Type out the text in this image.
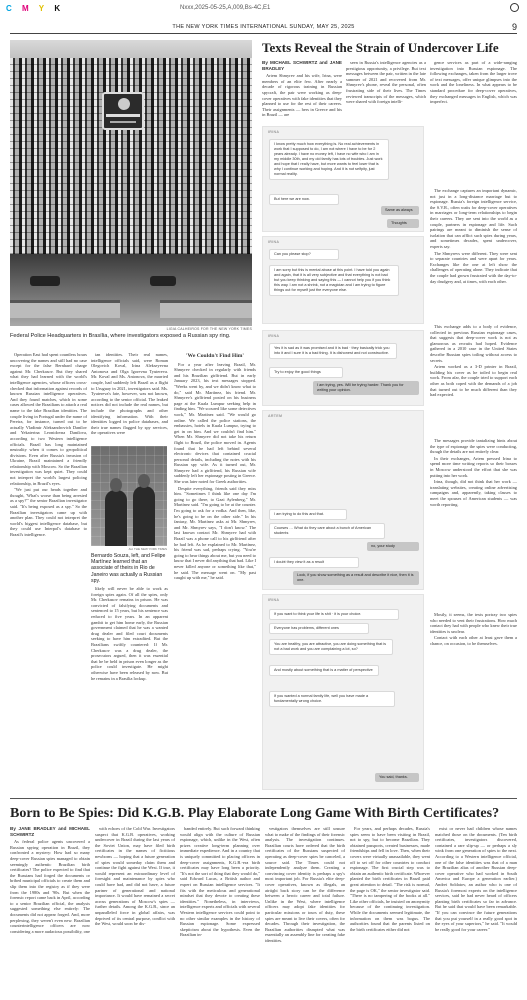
C M Y K	Nxxx,2025-05-25,A,009,Bs-4C,E1
THE NEW YORK TIMES INTERNATIONAL SUNDAY, MAY 25, 2025	9
LIGIA CALHEIROS FOR THE NEW YORK TIMES
Federal Police Headquarters in Brasília, where investigators exposed a Russian spy ring.
Texts Reveal the Strain of Undercover Life
By MICHAEL SCHWIRTZ and JANE BRADLEY

Artem Shmyrev and his wife, Irina, were members of an elite few. After nearly a decade of rigorous training in Russian spycraft, the pair were working as deep-cover operatives with fake identities that they planned to use for the rest of their careers. Their assignments — hers in Greece and his in Brazil — are

seen in Russia's intelligence agencies as a prestigious opportunity, a privilege. But text messages between the pair, written in the late summer of 2021 and recovered from Mr. Shmyrev's phone, reveal the personal, often frustrating side of their lives. The Times reviewed transcripts of the messages, which were shared with foreign intelli-

gence services as part of a wide-ranging investigation into Russian espionage. The following exchanges, taken from the larger trove of text messages, offer unique glimpses into the work and the loneliness. In what appears to be standard procedure for deep-cover operatives, they exchanged messages in English, which was imperfect.

IRINA
I know pretty much how everything is. No real achievements in work that I supposed to do, I am not where I have to be for 2 years already. I have no money left, I have no wife who I am in my middle 30th, and my old family has lots of troubles. Just work and hope that I really have, but more wants to feel loser that is why I continue working and hoping. And it is not selfpity, just normal reality.
But here we are now.
Same as always
Thoughts
IRINA
Can you please stop?
I am sorry but this is mental abuse at this point. I have told you again and again, that it is all very subjective and that everything is not bad but you keep thinking and saying this — I cannot help you if you think this way. I am not a shrink, not a magician and I am trying to figure things out for myself just the everyone else.

The exchange captures an important dynamic, not just in a long-distance marriage but to espionage. Russia's foreign intelligence service, the S.V.R., often waits for deep-cover operatives in marriages or long-term relationships to begin their careers. They are sent into the world as a couple, partners in espionage and life. Such pairings are meant to diminish the sense of isolation that can afflict such spies during years, and sometimes decades, spent undercover, experts say.

The Shmyrevs were different. They were sent to separate countries and were apart for years. Exchanges like the one at left show the challenges of operating alone. They indicate that the couple had grown frustrated with the day-to-day drudgery and, at times, with each other.

IRINA
Yes it is sad as it was promised and it is bad · they basically trick you into it and I sure it is a bad thing. It is dishonest and not constructive.
Try to enjoy the good things
I am trying, yes. Will be trying harder. Thank you for writing your opinion.

This exchange adds to a body of evidence, collected in previous Russian espionage cases, that suggests that deep-cover work is not as glamorous as recruits had hoped. Evidence gathered in a 2010 case in the United States describe Russian spies toiling without access to secrets.

Artem worked as a 3-D printer in Brazil, building his cover as he toiled to begin real work. From afar, the couple tried to support each other as both coped with the demands of a job that turned out to be much different than they had expected.

ARTEM
I am trying to do this and that.
Courses … What do they care about a bunch of American students
no, your study
I doubt they view it as a result
Look, if you show something as a result and describe it nice, then it is one.

The messages provide tantalizing hints about the type of espionage the spies were conducting, though the details are not entirely clear.

In their exchanges, Artem pressed Irina to spend more time writing reports so their bosses in Moscow understood the effort that she was putting into her work.

Irina, though, did not think that her work — translating websites, creating online advertising campaigns and, apparently, taking classes to meet the spouses of American students — was worth reporting.

IRINA
If you want to think your life is shit · it is your choice.
Everyone has problems, different ones
You are healthy, you are attractive, you are doing something that is not a bad work and you are complaining a lot, so?
And mostly about something that is a matter of perspective
If you wanted a normal family life, well you have made a fundamentally wrong choice.
You said, thanks.

Mostly, it seems, the texts portray two spies who needed to vent their frustrations. How much contact they had with people who knew their true identities is unclear.

Contact with each other at least gave them a chance, on occasion, to be themselves.

Operation East had spent countless hours uncovering the names and still had no case except for the false Bernhard charge against Mr. Cherkasov. But they shared what they had learned with the world's intelligence agencies, whose officers cross-checked that information against records of known Russian intelligence operatives. And they found matches, which in some cases allowed the Brazilians to attach a real name to the fake Brazilian identities. The couple living in Portugal under the name of Pereira, for instance, turned out to be actually Vladimir Aleksandrovich Danilov and Yekaterina Leonidovna Danilova, according to two Western intelligence officials. Brazil has long maintained neutrality when it comes to geopolitical divisions. Even after Russia's invasion of Ukraine, Brazil maintained a friendly relationship with Moscow. So the Brazilian investigation was kept quiet. They could not interpret the world's largest policing relationship, in Brazil's eyes.

"We just put our heads together and thought, 'What's worse than being arrested as a spy?'" the senior Brazilian investigator said. "It's being exposed as a spy." So the Brazilian investigators came up with another plan. They could not interpret the world's biggest intelligence database, but they could use Interpol's database to Brazil's intelligence.

ian identities. Their real names, intelligence officials said, were Roman Olegovich Koval, Irina Alekseyevna Antonova and Olga Igorevna Tyutereva. Mr. Koval and Ms. Antonova, the married couple, had suddenly left Brazil as a flight to Uruguay in 2021, investigators said. Ms. Tyutereva's fate, however, was not known, according to the senior official. The leaked notices did not include the real names, but include the photographs and other identifying information. With their identities logged in police databases, and their true names flagged by spy services, the operatives were

ALI THE NEW YORK TIMES
Bernardo Souza, left, and Felipe Martínez learned that an associate of theirs in Rio de Janeiro was actually a Russian spy.

likely will never be able to work as foreign spies again. Of all the spies, only Mr. Cherkasov remains in prison. He was convicted of falsifying documents and sentenced to 15 years, but his sentence was reduced to five years. In an apparent gambit to get him home early, the Russian government claimed that he was a wanted drug dealer and filed court documents seeking to have him extradited. But the Brazilians swiftly countered: If Mr. Cherkasov was a drug dealer, the prosecutors argued, then it was essential that he be held in prison even longer as the police could investigate. He might otherwise have been released by now. But he remains in a Brasília lockup.

'We Couldn't Find Him'

For a year after leaving Brazil, Mr. Shmyrev checked in regularly with friends and his Brazilian girlfriend. But in early January 2023, his text messages stopped. "Weeks went by, and we didn't know what to do," said Mr. Martínez, his friend. Mr. Shmyrev's girlfriend posted on his business page at the Kuala Lumpur seeking help in finding him. "We scoured like some detectives work," Mr. Martínez said. "We would go online. We called the police stations, the embassies, hotels in Kuala Lumpur, trying to get in on him. And we couldn't find him." When Mr. Shmyrev did not take his return flight to Brazil, the police moved in. Agents found that he had left behind several electronic devices that contained crucial personal details, including the notes with his Russian spy wife. As it turned out, Mr. Shmyrev had a girlfriend, his Russian wife suddenly left her espionage posting in Greece. She was later noted for Greek authorities.

Despite everything, friends said they miss him. "Sometimes I think like one day I'm going to go there, to Gazi Aylenberg," Mr. Martínez said. "I'm going to be at the counter. I'm going to ask for a vodka. And then, like, he's going to be on the other side." In his fantasy, Mr. Martínez asks at Mr. Shmyrev, and Mr. Shmyrev says, "I don't know." The last known contact Mr. Shmyrev had with Brazil was a phone call to his girlfriend after he had left. As he explained to Mr. Martínez, his friend was sad, perhaps crying. "You're going to hear things about me, but you need to know that I never did anything that bad. Like I never killed anyone or something like that," he said. The message went on. "My past caught up with me," he said.

Born to Be Spies: Did K.G.B. Play Elaborate Long Game With Birth Certificates?
By JANE BRADLEY and MICHAEL SCHWIRTZ

As federal police agents uncovered a Russian spying operation in Brazil, they confronted a mystery: How had so many deep-cover Russian spies managed to obtain seemingly authentic Brazilian birth certificates? The police expected to find that the Russians had forged the documents or bribed municipal officials to create them and slip them into the registry as if they were from the 1980s and '90s. But when the forensic report came back in April, according to a senior Brazilian official, the analysis suggested something else entirely: The documents did not appear forged. And, more perplexing, they weren't even new. Brazilian counterintelligence officers are now considering a more audacious possibility, one

with echoes of the Cold War. Investigators suspect that K.G.B. operatives, working undercover in Brazil during the last years of the Soviet Union, may have filed birth certificates in the names of fictitious newborns — hoping that a future generation of spies would someday claim them and continue the fight against the West. If true, it would represent an extraordinary level of foresight and maintenance by spies who could have had, and did not have, a future partner of generational and national importance. It would have remained a secret across generations of Moscow's spies — further details. Among the K.G.B., since an unparalleled force in global affairs, was deprived of its central purpose, conflict with the West, would soon be dis-

banded entirely. But such forward thinking would align with the culture of Russian espionage, which, unlike in the West, often prizes creative long-term planning over immediate expedience. And in a country that is uniquely committed to placing officers in deep-cover assignments, K.G.B.-era birth certificates may have long been a priority. "It's not the sort of thing that they would do," said Edward Lucas, a British author and expert on Russian intelligence services. "It fits with the meticulous and generational mindset that they devote to creating these identities." Nonetheless, in interviews, intelligence experts and officials with several Western intelligence services could point to no other similar examples in the history of Russian espionage. Some expressed skepticism about the hypothesis. Even the Brazilian in-

vestigators themselves are still unsure what to make of the findings of their forensic analysis. The investigation continues. Brazilian courts have ordered that the birth certificates of the Russians suspected of operating as deep-cover spies be canceled, a source said. The Times could not independently analyze them. Creating a convincing cover identity is perhaps a spy's most important job. For Russia's elite deep-cover operatives, known as illegals, an airtight back story can be the difference between a heroic career and total failure. Unlike in the West, where intelligence officers may adopt fake identities for particular missions or tours of duty, these spies are meant to live their covers, often for decades. Through their investigation, the Brazilian authorities disrupted what was essentially an assembly line for creating fake identities.

For years, and perhaps decades, Russia's spies seem to have been visiting in Brazil, not to spy, but to become Brazilian. They obtained passports, created businesses, made friendships and fell in love. Then, when their covers were virtually unassailable, they went off to set off for other countries to conduct espionage. The first crucial step was to obtain an authentic birth certificate. Whoever planted the birth certificates in Brazil paid great attention to detail. "The risk is normal, the page is OK," the senior investigator said. "There is no tampering of the books at all." Like other officials, he insisted on anonymity because of the continuing investigation. While the documents seemed legitimate, the information on them was bogus. The authorities found that the parents listed on the birth certificates either did not

exist or never had children whose names matched those on the documents. (Ten birth certificates, investigators discovered, contained a rare slip-up — or perhaps a sly wink from one generation of spies to the next. According to a Western intelligence official, one of the false identities was that of a man the Brazilian alias of another Russian deep-cover operative who had worked in South America and Europe a generation earlier.) Andrei Soldatov, an author who is one of Russia's foremost experts on the intelligence services, said he had never heard of officers planting birth certificates so far in advance. But he said that would have been remarkable. "If you can convince the future generations that you put yourself in a really good spot in the eyes of your superiors," he said. "It would be really good for your career."
